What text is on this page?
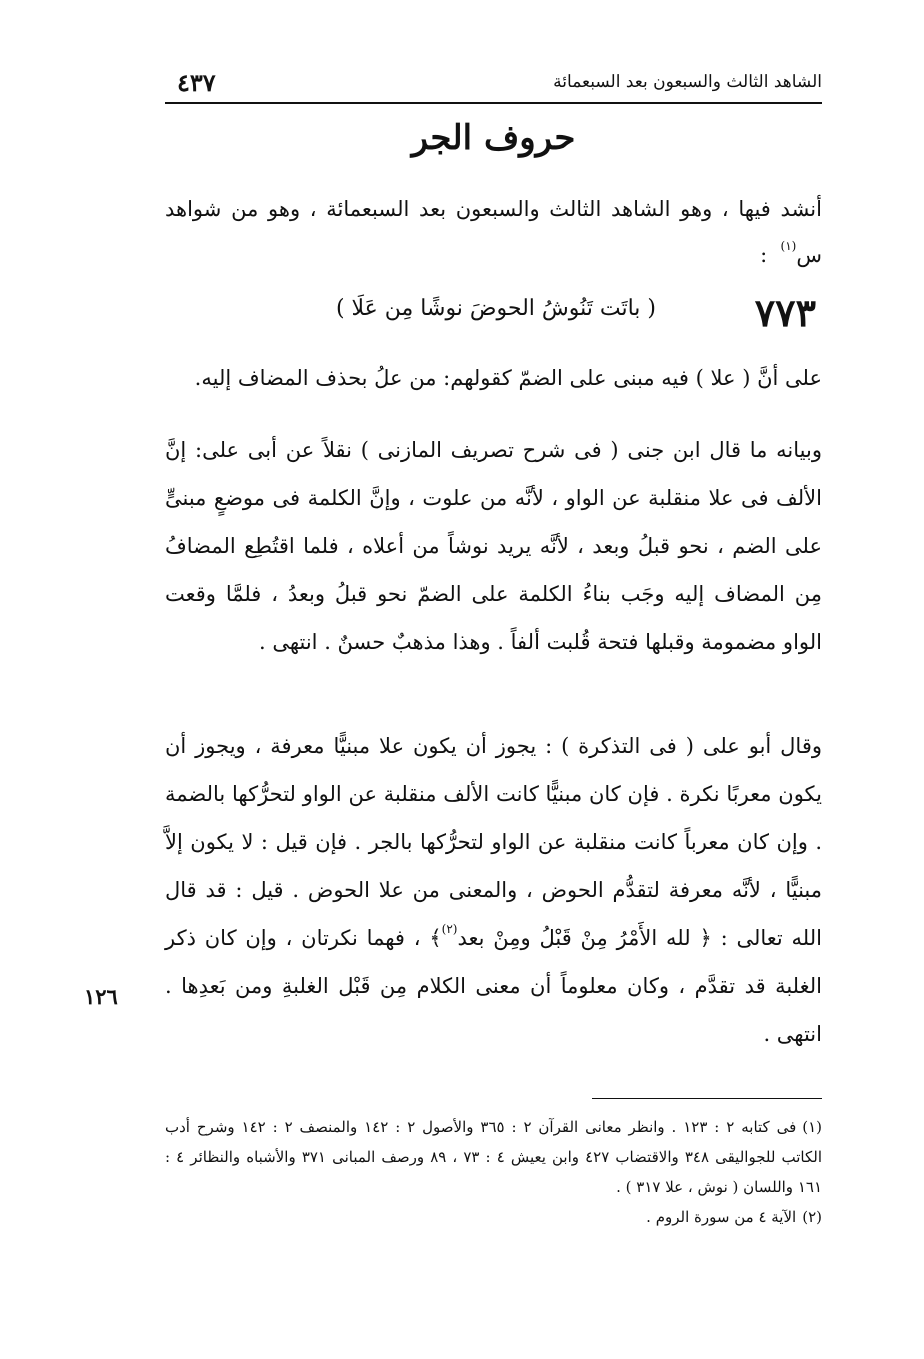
الشاهد الثالث والسبعون بعد السبعمائة
٤٣٧
حروف الجر
أنشد فيها ، وهو الشاهد الثالث والسبعون بعد السبعمائة ، وهو من شواهد س$^{(١)}$  :
٧٧٣
( باتَت تَنُوشُ الحوضَ نوشًا مِن عَلَا )
على أنَّ ( علا ) فيه مبنى على الضمّ كقولهم: من علُ بحذف المضاف إليه.
وبيانه ما قال ابن جنى ( فى شرح تصريف المازنى ) نقلاً عن أبى على: إنَّ الألف فى علا منقلبة عن الواو ، لأنَّه من علوت ، وإنَّ الكلمة فى موضعٍ مبنىٍّ على الضم ، نحو قبلُ وبعد ، لأنَّه يريد نوشاً من أعلاه ، فلما اقتُطِع المضافُ مِن المضاف إليه وجَب بناءُ الكلمة على الضمّ نحو قبلُ وبعدُ ، فلمَّا وقعت الواو مضمومة وقبلها فتحة قُلبت ألفاً . وهذا مذهبٌ حسنٌ . انتهى .
وقال أبو على ( فى التذكرة ) : يجوز أن يكون علا مبنيًّا معرفة ، ويجوز أن يكون معربًا نكرة . فإن كان مبنيًّا كانت الألف منقلبة عن الواو لتحرُّكها بالضمة . وإن كان معرباً كانت منقلبة عن الواو لتحرُّكها بالجر . فإن قيل : لا يكون إلاَّ مبنيًّا ، لأنَّه معرفة لتقدُّم الحوض ، والمعنى من علا الحوض . قيل : قد قال الله تعالى : ﴿ لله الأَمْرُ مِنْ قَبْلُ ومِنْ بعد$^{(٢)}$﴾ ، فهما نكرتان ، وإن كان ذكر الغلبة قد تقدَّم ، وكان معلوماً أن معنى الكلام مِن قَبْل الغلبةِ ومن بَعدِها . انتهى .
١٢٦

(١)فى كتابه ٢ : ١٢٣ . وانظر معانى القرآن ٢ : ٣٦٥ والأصول ٢ : ١٤٢ والمنصف ٢ : ١٤٢ وشرح أدب الكاتب للجواليقى ٣٤٨ والاقتضاب ٤٢٧ وابن يعيش ٤ : ٧٣ ، ٨٩ ورصف المبانى ٣٧١ والأشباه والنظائر ٤ : ١٦١ واللسان ( نوش ، علا ٣١٧ ) .

(٢)الآية ٤ من سورة الروم .
